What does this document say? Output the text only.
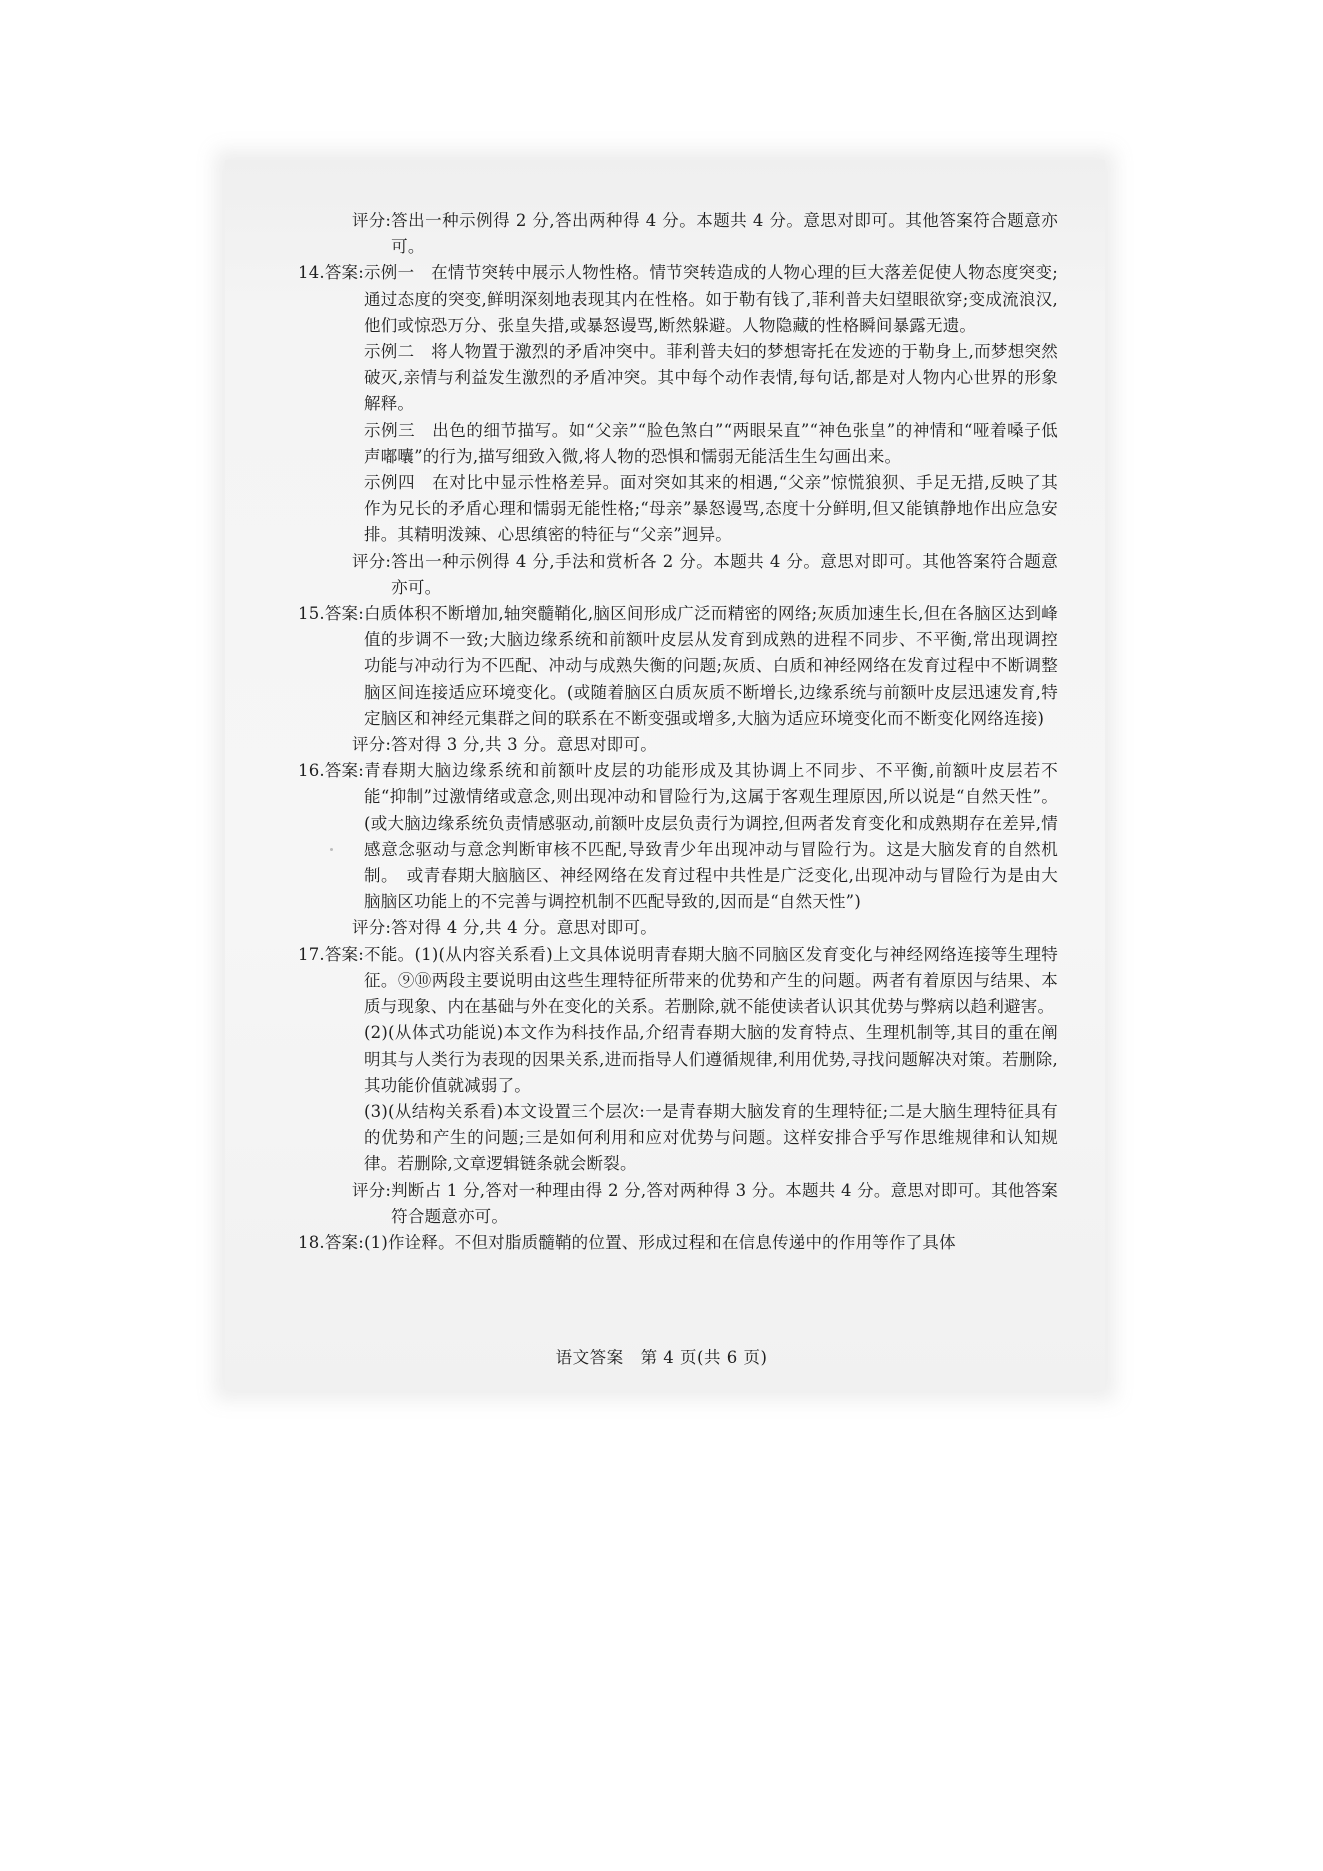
评分: 答出一种示例得 2 分,答出两种得 4 分。本题共 4 分。意思对即可。其他答案符合题意亦可。
14.答案: 示例一　在情节突转中展示人物性格。情节突转造成的人物心理的巨大落差促使人物态度突变;通过态度的突变,鲜明深刻地表现其内在性格。如于勒有钱了,菲利普夫妇望眼欲穿;变成流浪汉,他们或惊恐万分、张皇失措,或暴怒谩骂,断然躲避。人物隐藏的性格瞬间暴露无遗。

示例二　将人物置于激烈的矛盾冲突中。菲利普夫妇的梦想寄托在发迹的于勒身上,而梦想突然破灭,亲情与利益发生激烈的矛盾冲突。其中每个动作表情,每句话,都是对人物内心世界的形象解释。

示例三　出色的细节描写。如“父亲”“脸色煞白”“两眼呆直”“神色张皇”的神情和“哑着嗓子低声嘟囔”的行为,描写细致入微,将人物的恐惧和懦弱无能活生生勾画出来。

示例四　在对比中显示性格差异。面对突如其来的相遇,“父亲”惊慌狼狈、手足无措,反映了其作为兄长的矛盾心理和懦弱无能性格;“母亲”暴怒谩骂,态度十分鲜明,但又能镇静地作出应急安排。其精明泼辣、心思缜密的特征与“父亲”迥异。

评分: 答出一种示例得 4 分,手法和赏析各 2 分。本题共 4 分。意思对即可。其他答案符合题意亦可。
15.答案: 白质体积不断增加,轴突髓鞘化,脑区间形成广泛而精密的网络;灰质加速生长,但在各脑区达到峰值的步调不一致;大脑边缘系统和前额叶皮层从发育到成熟的进程不同步、不平衡,常出现调控功能与冲动行为不匹配、冲动与成熟失衡的问题;灰质、白质和神经网络在发育过程中不断调整脑区间连接适应环境变化。(或随着脑区白质灰质不断增长,边缘系统与前额叶皮层迅速发育,特定脑区和神经元集群之间的联系在不断变强或增多,大脑为适应环境变化而不断变化网络连接)

评分: 答对得 3 分,共 3 分。意思对即可。
16.答案: 青春期大脑边缘系统和前额叶皮层的功能形成及其协调上不同步、不平衡,前额叶皮层若不能“抑制”过激情绪或意念,则出现冲动和冒险行为,这属于客观生理原因,所以说是“自然天性”。(或大脑边缘系统负责情感驱动,前额叶皮层负责行为调控,但两者发育变化和成熟期存在差异,情感意念驱动与意念判断审核不匹配,导致青少年出现冲动与冒险行为。这是大脑发育的自然机制。　或青春期大脑脑区、神经网络在发育过程中共性是广泛变化,出现冲动与冒险行为是由大脑脑区功能上的不完善与调控机制不匹配导致的,因而是“自然天性”)

评分: 答对得 4 分,共 4 分。意思对即可。
17.答案: 不能。(1)(从内容关系看)上文具体说明青春期大脑不同脑区发育变化与神经网络连接等生理特征。⑨⑩两段主要说明由这些生理特征所带来的优势和产生的问题。两者有着原因与结果、本质与现象、内在基础与外在变化的关系。若删除,就不能使读者认识其优势与弊病以趋利避害。

(2)(从体式功能说)本文作为科技作品,介绍青春期大脑的发育特点、生理机制等,其目的重在阐明其与人类行为表现的因果关系,进而指导人们遵循规律,利用优势,寻找问题解决对策。若删除,其功能价值就减弱了。

(3)(从结构关系看)本文设置三个层次:一是青春期大脑发育的生理特征;二是大脑生理特征具有的优势和产生的问题;三是如何利用和应对优势与问题。这样安排合乎写作思维规律和认知规律。若删除,文章逻辑链条就会断裂。

评分: 判断占 1 分,答对一种理由得 2 分,答对两种得 3 分。本题共 4 分。意思对即可。其他答案符合题意亦可。
18.答案: (1)作诠释。不但对脂质髓鞘的位置、形成过程和在信息传递中的作用等作了具体

语文答案　第 4 页(共 6 页)
